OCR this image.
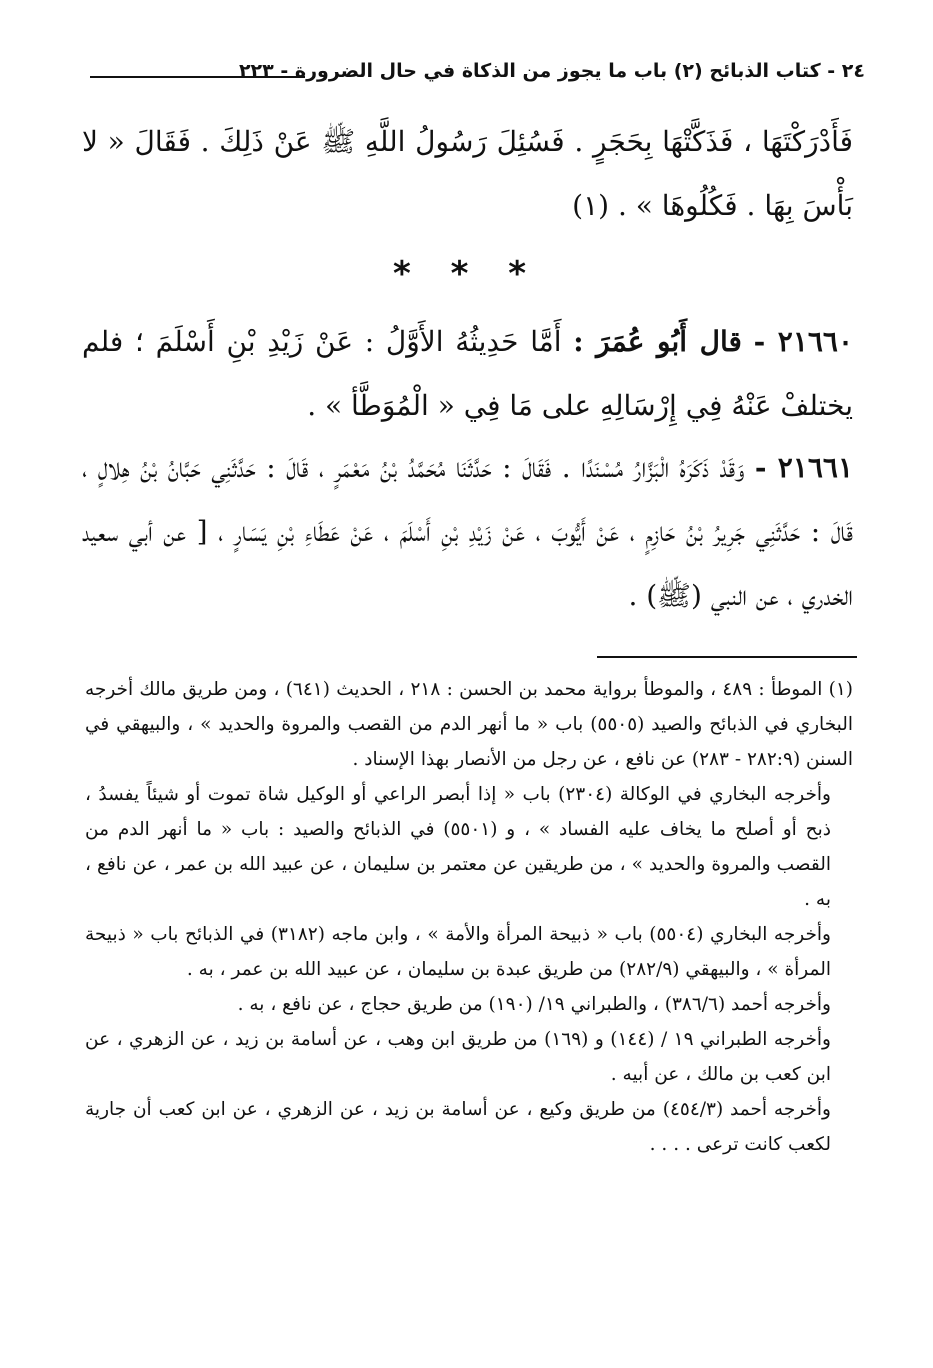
٢٤ - كتاب الذبائح (٢) باب ما يجوز من الذكاة في حال الضرورة - ٢٢٣
فَأَدْرَكْتَهَا ، فَذَكَّتْهَا بِحَجَرٍ . فَسُئِلَ رَسُولُ اللَّهِ ﷺ عَنْ ذَلِكَ . فَقَالَ « لا بَأْسَ بِهَا . فَكُلُوهَا » . (١)
* * *
٢١٦٦٠ - قال أَبُو عُمَرَ : أَمَّا حَدِيثُهُ الأَوَّلُ : عَنْ زَيْدِ بْنِ أَسْلَمَ ؛ فلم يختلفْ عَنْهُ فِي إِرْسَالِهِ على مَا فِي « الْمُوَطَّأ » .
٢١٦٦١ - وَقَدْ ذَكَرَهُ الْبَزَّارُ مُسْنَدًا . فَقَالَ : حَدَّثَنَا مُحَمَّدُ بْنُ مَعْمَرٍ ، قَالَ : حَدَّثَنِي حَبَّانُ بْنُ هِلالٍ ، قَالَ : حَدَّثَنِي جَرِيرُ بْنُ حَازِمٍ ، عَنْ أَيُّوبَ ، عَنْ زَيْدِ بْنِ أَسْلَمَ ، عَنْ عَطَاءِ بْنِ يَسَارٍ ، [ عن أبي سعيد الخدري ، عن النبي (ﷺ) .

(١) الموطأ : ٤٨٩ ، والموطأ برواية محمد بن الحسن : ٢١٨ ، الحديث (٦٤١) ، ومن طريق مالك أخرجه البخاري في الذبائح والصيد (٥٥٠٥) باب « ما أنهر الدم من القصب والمروة والحديد » ، والبيهقي في السنن (٢٨٢:٩ - ٢٨٣) عن نافع ، عن رجل من الأنصار بهذا الإسناد .

وأخرجه البخاري في الوكالة (٢٣٠٤) باب « إذا أبصر الراعي أو الوكيل شاة تموت أو شيئاً يفسدُ ، ذبح أو أصلح ما يخاف عليه الفساد » ، و (٥٥٠١) في الذبائح والصيد : باب « ما أنهر الدم من القصب والمروة والحديد » ، من طريقين عن معتمر بن سليمان ، عن عبيد الله بن عمر ، عن نافع ، به .

وأخرجه البخاري (٥٥٠٤) باب « ذبيحة المرأة والأمة » ، وابن ماجه (٣١٨٢) في الذبائح باب « ذبيحة المرأة » ، والبيهقي (٢٨٢/٩) من طريق عبدة بن سليمان ، عن عبيد الله بن عمر ، به .

وأخرجه أحمد (٣٨٦/٦) ، والطبراني ١٩/ (١٩٠) من طريق حجاج ، عن نافع ، به .

وأخرجه الطبراني ١٩ / (١٤٤) و (١٦٩) من طريق ابن وهب ، عن أسامة بن زيد ، عن الزهري ، عن ابن كعب بن مالك ، عن أبيه .

وأخرجه أحمد (٤٥٤/٣) من طريق وكيع ، عن أسامة بن زيد ، عن الزهري ، عن ابن كعب أن جارية لكعب كانت ترعى . . . .
